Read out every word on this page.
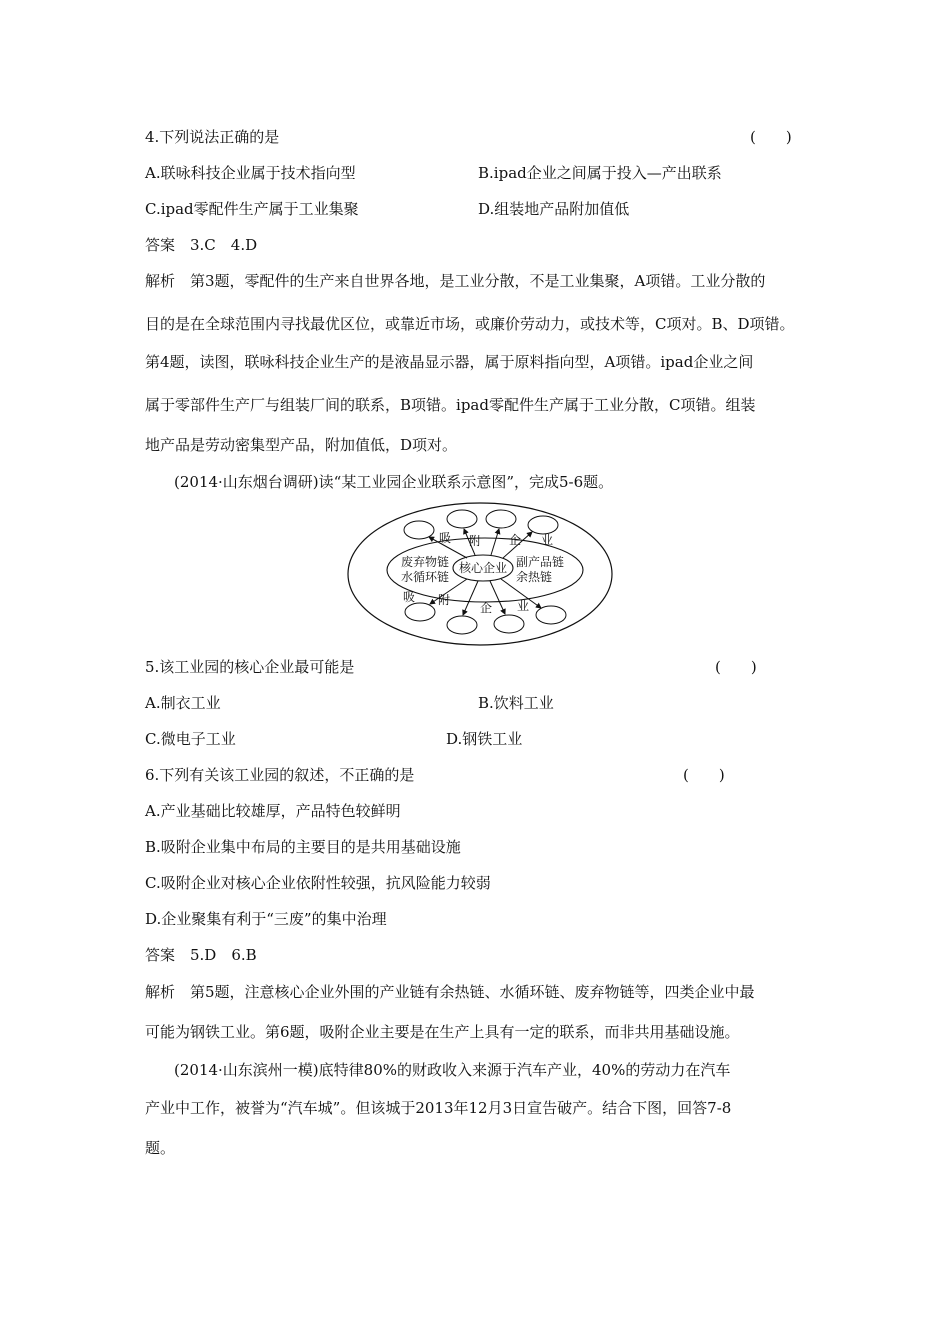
4.下列说法正确的是	(　　)
A.联咏科技企业属于技术指向型	B.ipad企业之间属于投入—产出联系
C.ipad零配件生产属于工业集聚	D.组装地产品附加值低
答案　3.C　4.D
解析　第3题，零配件的生产来自世界各地，是工业分散，不是工业集聚，A项错。工业分散的
目的是在全球范围内寻找最优区位，或靠近市场，或廉价劳动力，或技术等，C项对。B、D项错。
第4题，读图，联咏科技企业生产的是液晶显示器，属于原料指向型，A项错。ipad企业之间
属于零部件生产厂与组装厂间的联系，B项错。ipad零配件生产属于工业分散，C项错。组装
地产品是劳动密集型产品，附加值低，D项对。
(2014·山东烟台调研)读“某工业园企业联系示意图”，完成5-6题。
核心企业
废弃物链
水循环链
副产品链
余热链
吸 附 企 业
吸 附
企 业
5.该工业园的核心企业最可能是	(　　)
A.制衣工业	B.饮料工业
C.微电子工业	D.钢铁工业
6.下列有关该工业园的叙述，不正确的是	(　　)
A.产业基础比较雄厚，产品特色较鲜明
B.吸附企业集中布局的主要目的是共用基础设施
C.吸附企业对核心企业依附性较强，抗风险能力较弱
D.企业聚集有利于“三废”的集中治理
答案　5.D　6.B
解析　第5题，注意核心企业外围的产业链有余热链、水循环链、废弃物链等，四类企业中最
可能为钢铁工业。第6题，吸附企业主要是在生产上具有一定的联系，而非共用基础设施。
(2014·山东滨州一模)底特律80%的财政收入来源于汽车产业，40%的劳动力在汽车
产业中工作，被誉为“汽车城”。但该城于2013年12月3日宣告破产。结合下图，回答7-8
题。
